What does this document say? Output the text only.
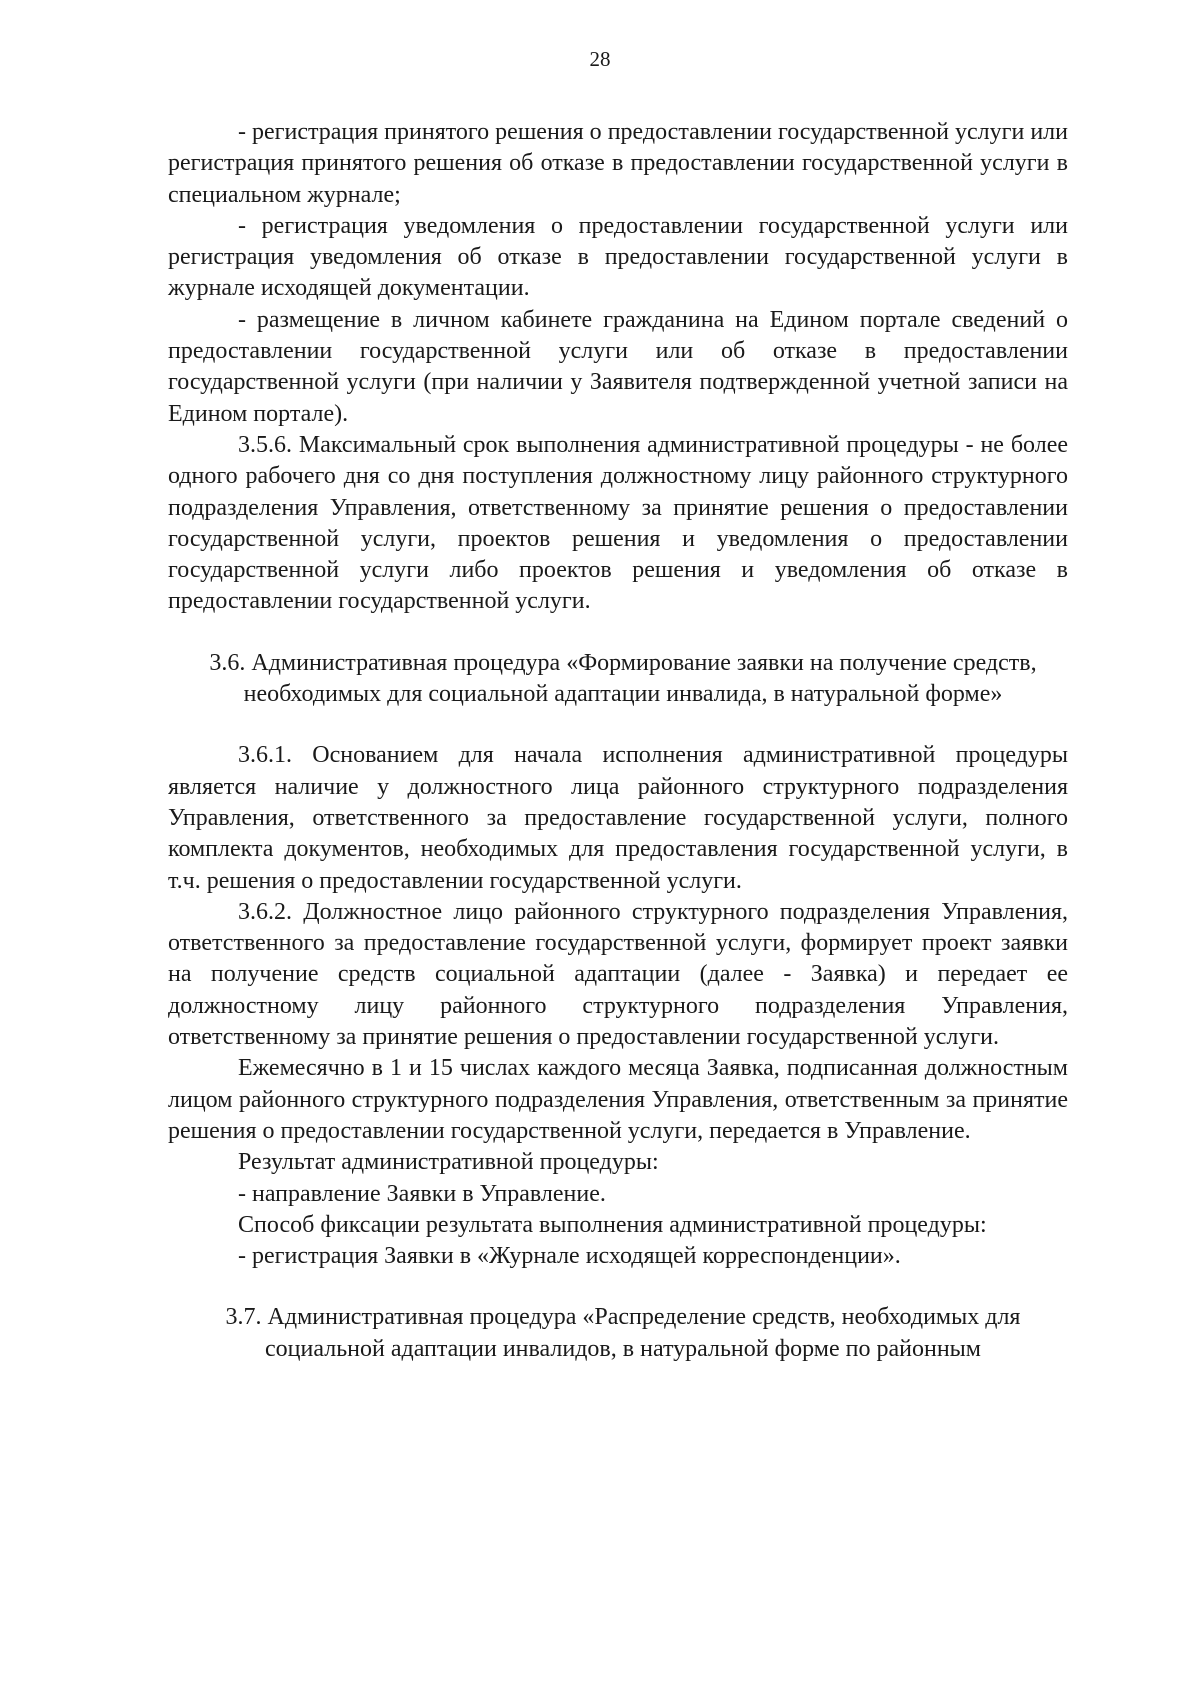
28

- регистрация принятого решения о предоставлении государственной услуги или регистрация принятого решения об отказе в предоставлении государственной услуги в специальном журнале;

- регистрация уведомления о предоставлении государственной услуги или регистрация уведомления об отказе в предоставлении государственной услуги в журнале исходящей документации.

- размещение в личном кабинете гражданина на Едином портале сведений о предоставлении государственной услуги или об отказе в предоставлении государственной услуги (при наличии у Заявителя подтвержденной учетной записи на Едином портале).

3.5.6. Максимальный срок выполнения административной процедуры - не более одного рабочего дня со дня поступления должностному лицу районного структурного подразделения Управления, ответственному за принятие решения о предоставлении государственной услуги, проектов решения и уведомления о предоставлении государственной услуги либо проектов решения и уведомления об отказе в предоставлении государственной услуги.

3.6. Административная процедура «Формирование заявки на получение средств, необходимых для социальной адаптации инвалида, в натуральной форме»

3.6.1. Основанием для начала исполнения административной процедуры является наличие у должностного лица районного структурного подразделения Управления, ответственного за предоставление государственной услуги, полного комплекта документов, необходимых для предоставления государственной услуги, в т.ч. решения о предоставлении государственной услуги.

3.6.2. Должностное лицо районного структурного подразделения Управления, ответственного за предоставление государственной услуги, формирует проект заявки на получение средств социальной адаптации (далее - Заявка) и передает ее должностному лицу районного структурного подразделения Управления, ответственному за принятие решения о предоставлении государственной услуги.

Ежемесячно в 1 и 15 числах каждого месяца Заявка, подписанная должностным лицом районного структурного подразделения Управления, ответственным за принятие решения о предоставлении государственной услуги, передается в Управление.

Результат административной процедуры:

- направление Заявки в Управление.

Способ фиксации результата выполнения административной процедуры:

- регистрация Заявки в «Журнале исходящей корреспонденции».

3.7. Административная процедура «Распределение средств, необходимых для социальной адаптации инвалидов, в натуральной форме по районным
